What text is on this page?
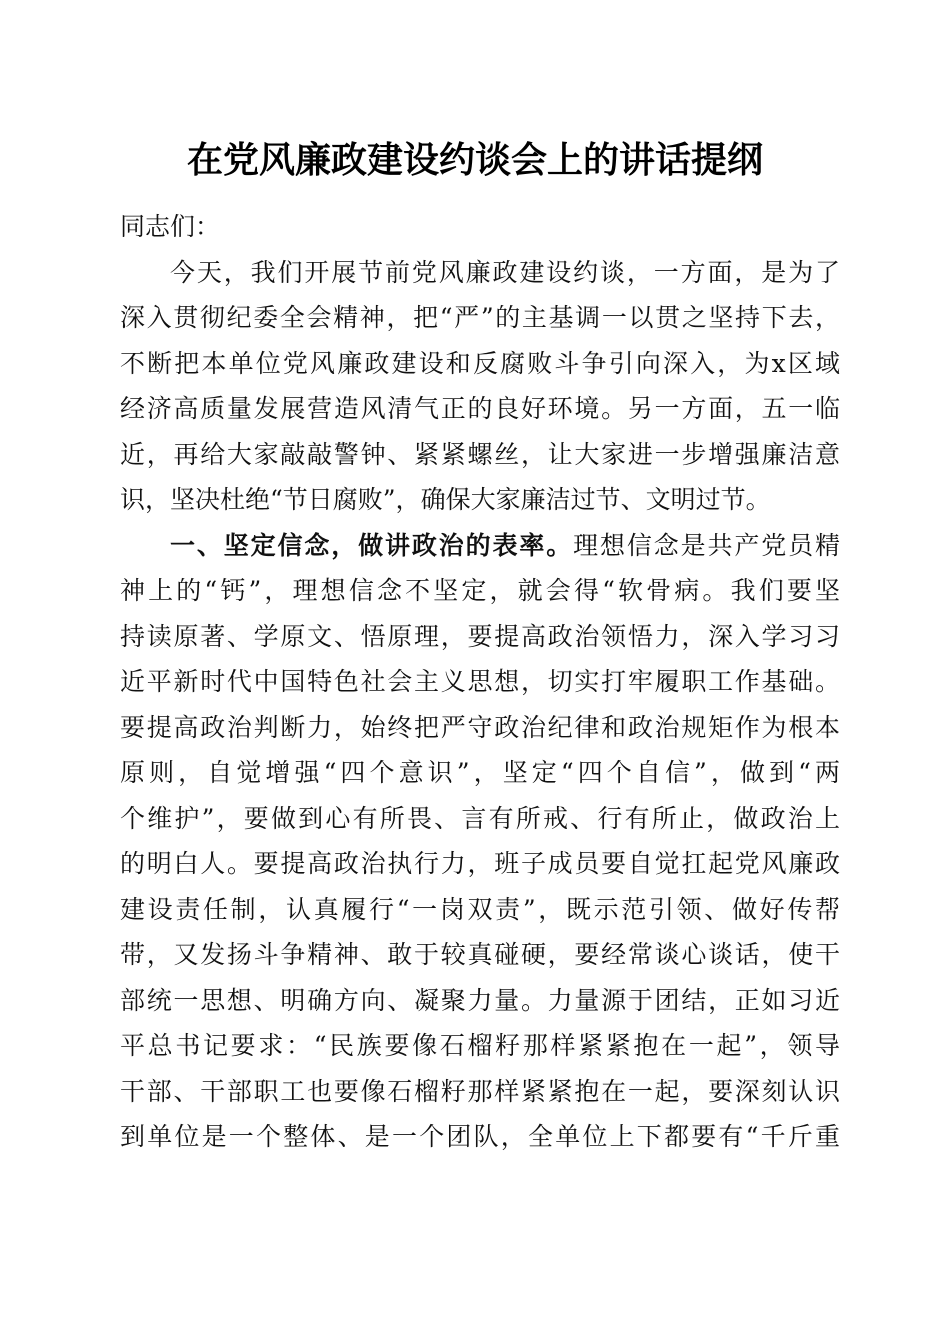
在党风廉政建设约谈会上的讲话提纲
同志们：
今天，我们开展节前党风廉政建设约谈，一方面，是为了
深入贯彻纪委全会精神，把“严”的主基调一以贯之坚持下去，
不断把本单位党风廉政建设和反腐败斗争引向深入，为x区域
经济高质量发展营造风清气正的良好环境。另一方面，五一临
近，再给大家敲敲警钟、紧紧螺丝，让大家进一步增强廉洁意
识，坚决杜绝“节日腐败”，确保大家廉洁过节、文明过节。
一、坚定信念，做讲政治的表率。理想信念是共产党员精
神上的“钙”，理想信念不坚定，就会得“软骨病。我们要坚
持读原著、学原文、悟原理，要提高政治领悟力，深入学习习
近平新时代中国特色社会主义思想，切实打牢履职工作基础。
要提高政治判断力，始终把严守政治纪律和政治规矩作为根本
原则，自觉增强“四个意识”，坚定“四个自信”，做到“两
个维护”，要做到心有所畏、言有所戒、行有所止，做政治上
的明白人。要提高政治执行力，班子成员要自觉扛起党风廉政
建设责任制，认真履行“一岗双责”，既示范引领、做好传帮
带，又发扬斗争精神、敢于较真碰硬，要经常谈心谈话，使干
部统一思想、明确方向、凝聚力量。力量源于团结，正如习近
平总书记要求：“民族要像石榴籽那样紧紧抱在一起”，领导
干部、干部职工也要像石榴籽那样紧紧抱在一起，要深刻认识
到单位是一个整体、是一个团队，全单位上下都要有“千斤重
